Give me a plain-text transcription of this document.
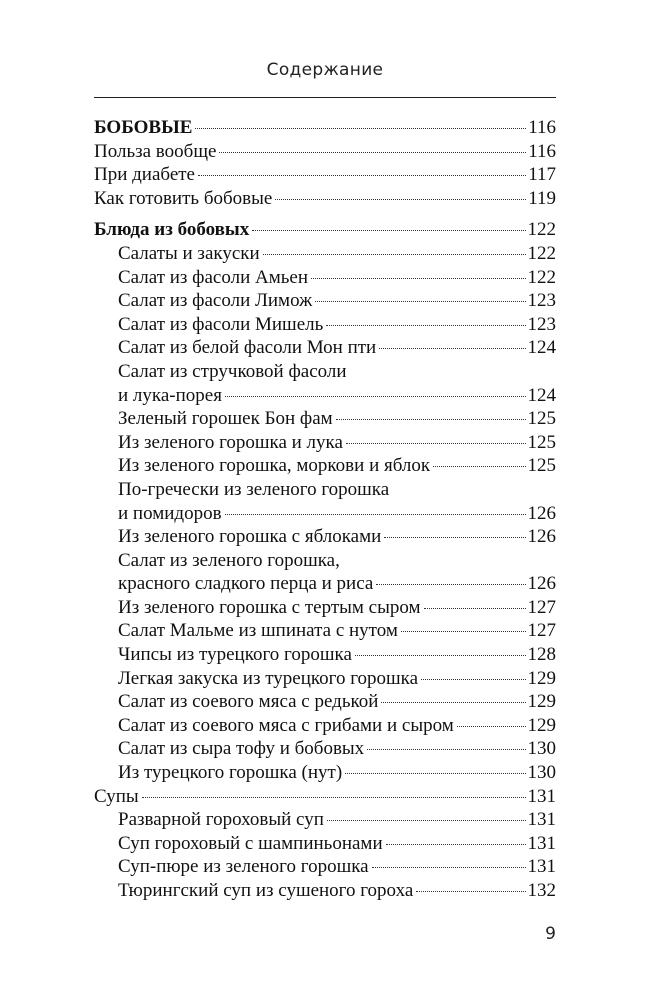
Содержание
БОБОВЫЕ	116
Польза вообще	116
При диабете	117
Как готовить бобовые	119
Блюда из бобовых	122
Салаты и закуски	122
Салат из фасоли Амьен	122
Салат из фасоли Лимож	123
Салат из фасоли Мишель	123
Салат из белой фасоли Мон пти	124
Салат из стручковой фасоли
и лука-порея	124
Зеленый горошек Бон фам	125
Из зеленого горошка и лука	125
Из зеленого горошка, моркови и яблок	125
По-гречески из зеленого горошка
и помидоров	126
Из зеленого горошка с яблоками	126
Салат из зеленого горошка,
красного сладкого перца и риса	126
Из зеленого горошка с тертым сыром	127
Салат Мальме из шпината с нутом	127
Чипсы из турецкого горошка	128
Легкая закуска из турецкого горошка	129
Салат из соевого мяса с редькой	129
Салат из соевого мяса с грибами и сыром	129
Салат из сыра тофу и бобовых	130
Из турецкого горошка (нут)	130
Супы	131
Разварной гороховый суп	131
Суп гороховый с шампиньонами	131
Суп-пюре из зеленого горошка	131
Тюрингский суп из сушеного гороха	132
9
